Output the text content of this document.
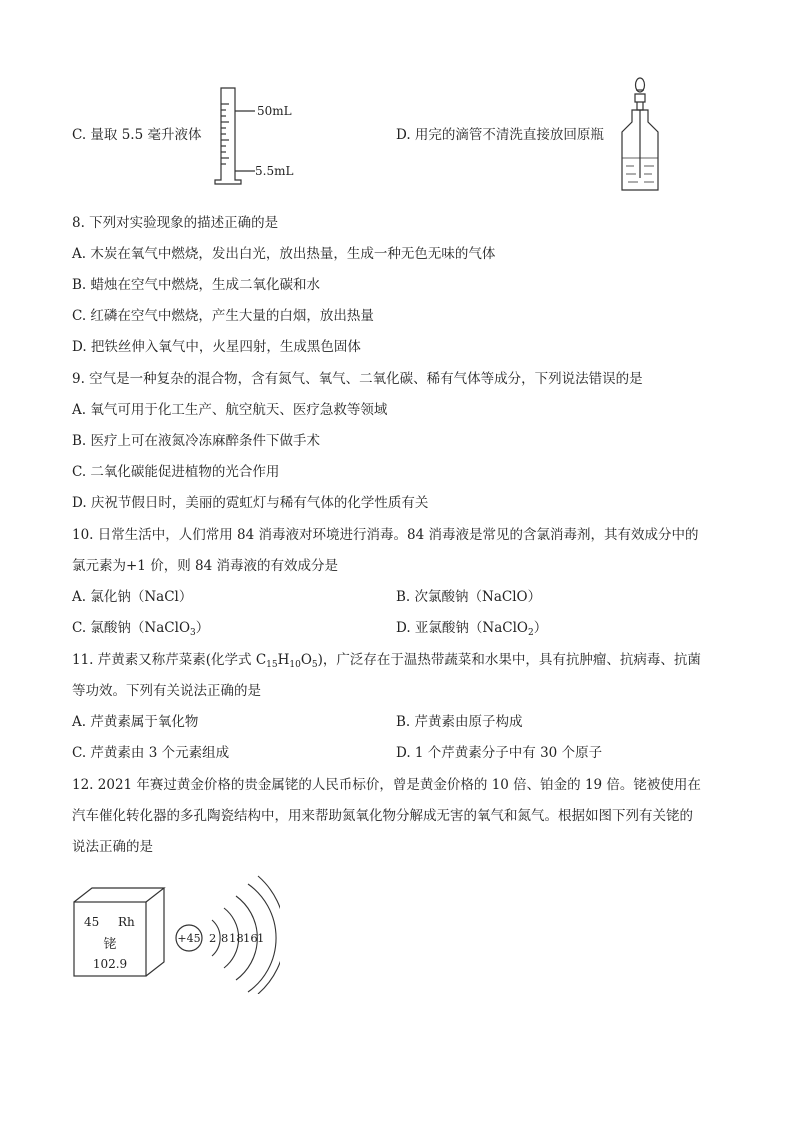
C. 量取 5.5 毫升液体
50mL
5.5mL
D. 用完的滴管不清洗直接放回原瓶
8. 下列对实验现象的描述正确的是
A. 木炭在氧气中燃烧，发出白光，放出热量，生成一种无色无味的气体
B. 蜡烛在空气中燃烧，生成二氧化碳和水
C. 红磷在空气中燃烧，产生大量的白烟，放出热量
D. 把铁丝伸入氧气中，火星四射，生成黑色固体
9. 空气是一种复杂的混合物，含有氮气、氧气、二氧化碳、稀有气体等成分，下列说法错误的是
A. 氧气可用于化工生产、航空航天、医疗急救等领域
B. 医疗上可在液氮冷冻麻醉条件下做手术
C. 二氧化碳能促进植物的光合作用
D. 庆祝节假日时，美丽的霓虹灯与稀有气体的化学性质有关
10. 日常生活中，人们常用 84 消毒液对环境进行消毒。84 消毒液是常见的含氯消毒剂，其有效成分中的
氯元素为+1 价，则 84 消毒液的有效成分是
A. 氯化钠（NaCl）	B. 次氯酸钠（NaClO）
C. 氯酸钠（NaClO$_3$）	D. 亚氯酸钠（NaClO$_2$）
11. 芹黄素又称芹菜素(化学式 $C_{15}H_{10}O_5$)，广泛存在于温热带蔬菜和水果中，具有抗肿瘤、抗病毒、抗菌
等功效。下列有关说法正确的是
A. 芹黄素属于氧化物	B. 芹黄素由原子构成
C. 芹黄素由 3 个元素组成	D. 1 个芹黄素分子中有 30 个原子
12. 2021 年赛过黄金价格的贵金属铑的人民币标价，曾是黄金价格的 10 倍、铂金的 19 倍。铑被使用在
汽车催化转化器的多孔陶瓷结构中，用来帮助氮氧化物分解成无害的氧气和氮气。根据如图下列有关铑的
说法正确的是
45 Rh
铑
102.9
+45 2 8 18 16 1
